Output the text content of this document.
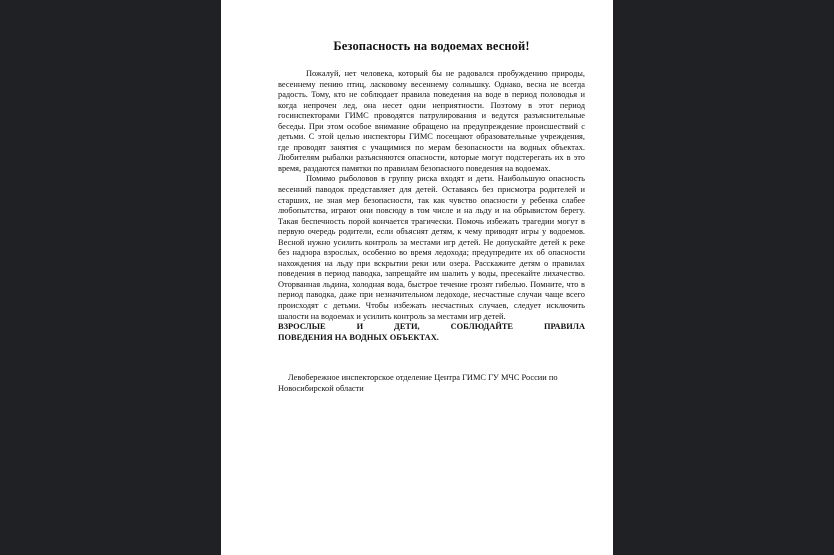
Безопасность на водоемах весной!

Пожалуй, нет человека, который бы не радовался пробуждению природы, весеннему пению птиц, ласковому весеннему солнышку. Однако, весна не всегда радость. Тому, кто не соблюдает правила поведения на воде в период половодья и когда непрочен лед, она несет одни неприятности. Поэтому в этот период госинспекторами ГИМС проводятся патрулирования и ведутся разъяснительные беседы. При этом особое внимание обращено на предупреждение происшествий с детьми. С этой целью инспекторы ГИМС посещают образовательные учреждения, где проводят занятия с учащимися по мерам безопасности на водных объектах. Любителям рыбалки разъясняются опасности, которые могут подстерегать их в это время, раздаются памятки по правилам безопасного поведения на водоемах.

Помимо рыболовов в группу риска входят и дети. Наибольшую опасность весенний паводок представляет для детей. Оставаясь без присмотра родителей и старших, не зная мер безопасности, так как чувство опасности у ребенка слабее любопытства, играют они повсюду в том числе и на льду и на обрывистом берегу. Такая беспечность порой кончается трагически. Помочь избежать трагедии могут в первую очередь родители, если объяснят детям, к чему приводят игры у водоемов. Весной нужно усилить контроль за местами игр детей. Не допускайте детей к реке без надзора взрослых, особенно во время ледохода; предупредите их об опасности нахождения на льду при вскрытии реки или озера. Расскажите детям о правилах поведения в период паводка, запрещайте им шалить у воды, пресекайте лихачество. Оторванная льдина, холодная вода, быстрое течение грозят гибелью. Помните, что в период паводка, даже при незначительном ледоходе, несчастные случаи чаще всего происходят с детьми. Чтобы избежать несчастных случаев, следует исключить шалости на водоемах и усилить контроль за местами игр детей.

ВЗРОСЛЫЕ И ДЕТИ, СОБЛЮДАЙТЕ ПРАВИЛА
ПОВЕДЕНИЯ НА ВОДНЫХ ОБЪЕКТАХ.
Левобережное инспекторское отделение Центра ГИМС ГУ МЧС России по Новосибирской области
